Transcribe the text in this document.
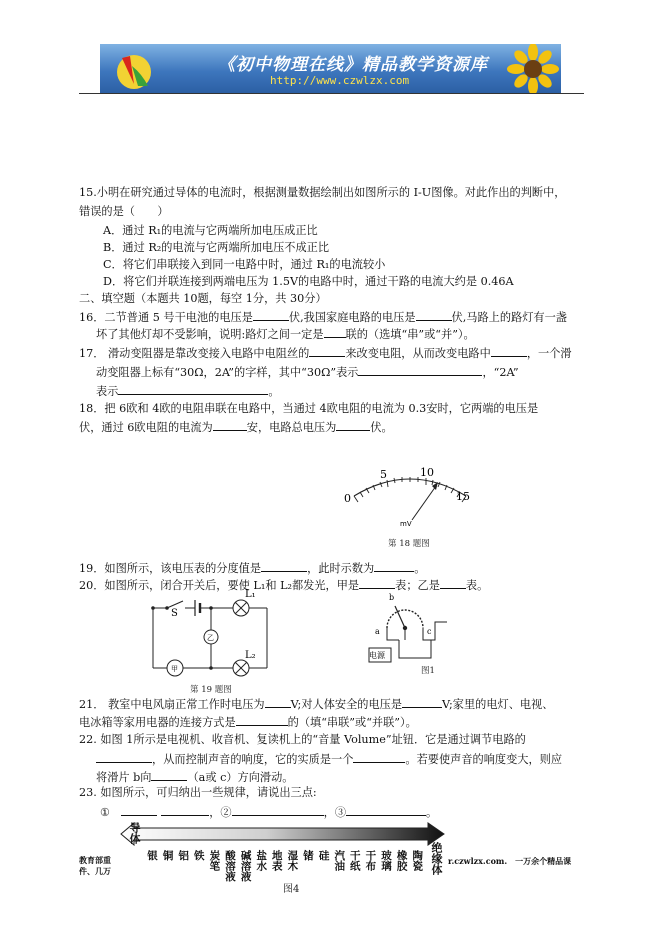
《初中物理在线》精品教学资源库
http://www.czwlzx.com
15.小明在研究通过导体的电流时，根据测量数据绘制出如图所示的 I-U图像。对此作出的判断中，
错误的是（　　）
A．通过 R₁的电流与它两端所加电压成正比
B．通过 R₂的电流与它两端所加电压不成正比
C．将它们串联接入到同一电路中时，通过 R₁的电流较小
D．将它们并联连接到两端电压为 1.5V的电路中时，通过干路的电流大约是 0.46A
二、填空题（本题共 10题，每空 1分，共 30分）
16．二节普通 5 号干电池的电压是	伏,我国家庭电路的电压是	伏,马路上的路灯有一盏
坏了其他灯却不受影响，说明:路灯之间一定是 联的（选填“串”或“并”）。
17． 滑动变阻器是靠改变接入电路中电阻丝的	来改变电阻，从而改变电路中	，一个滑
动变阻器上标有“30Ω，2A”的字样，其中“30Ω”表示	，“2A”
表示	。
18．把 6欧和 4欧的电阻串联在电路中，当通过 4欧电阻的电流为 0.3安时，它两端的电压是
伏，通过 6欧电阻的电流为	安，电路总电压为	伏。
0
5	10
15
mV
第 18 题图
19．如图所示，该电压表的分度值是	，此时示数为	。
20．如图所示，闭合开关后，要使 L₁和 L₂都发光，甲是	表；乙是 表。
S
L₁
L₂
乙
甲
第 19 题图
b
a	c
电源
图1
21． 教室中电风扇正常工作时电压为 V;对人体安全的电压是	V;家里的电灯、电视、
电冰箱等家用电器的连接方式是	的（填“串联”或“并联”）。
22. 如图 1所示是电视机、收音机、复读机上的“音量 Volume”址钮．它是通过调节电路的
，从而控制声音的响度，它的实质是一个	。若要使声音的响度变大，则应
将滑片 b向	（a或 c）方向滑动。
23. 如图所示，可归纳出一些规律，请说出三点:
①　	，②	，③	。
教育部重
件、几万
导体
银 铜 铝 铁 炭笔 酸溶液 碱溶液 盐水 地表 湿木 锗 硅 汽油 干纸 干布 玻璃 橡胶 陶瓷 绝缘体 r.czwlzx.com.　一万余个精品课
图4
